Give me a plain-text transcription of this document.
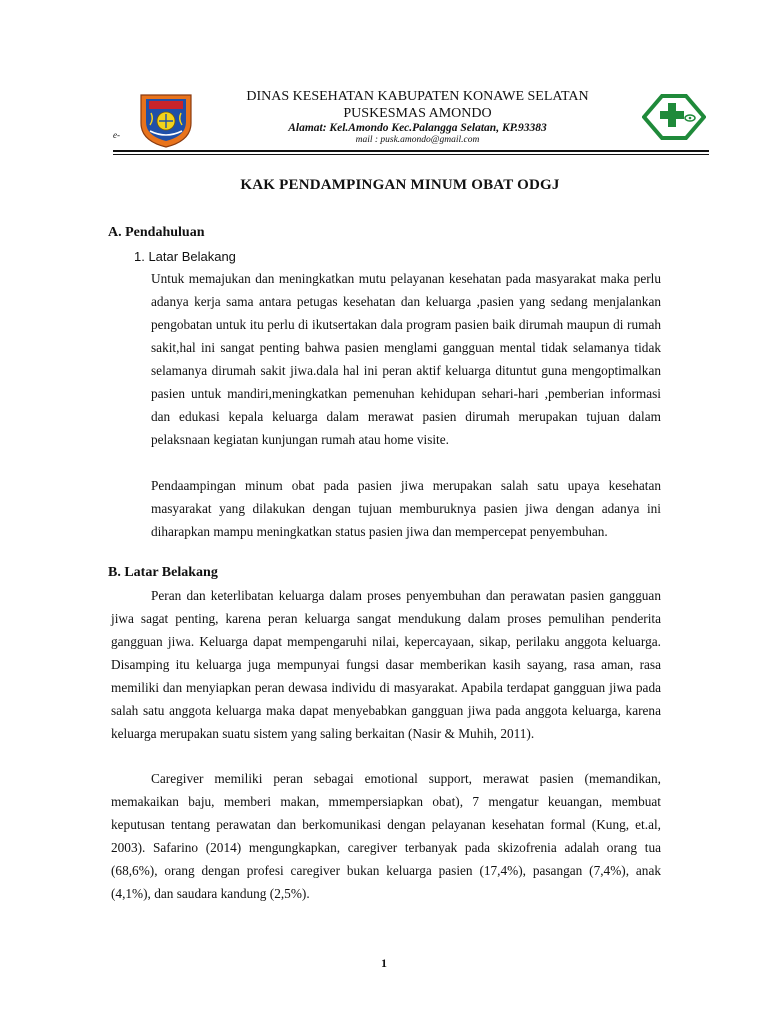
e-
DINAS KESEHATAN KABUPATEN KONAWE SELATAN
PUSKESMAS AMONDO
Alamat: Kel.Amondo Kec.Palangga Selatan, KP.93383
mail : pusk.amondo@gmail.com
KAK PENDAMPINGAN MINUM OBAT ODGJ
A. Pendahuluan
1. Latar Belakang

Untuk memajukan dan meningkatkan mutu pelayanan kesehatan pada masyarakat maka perlu adanya kerja sama antara petugas kesehatan dan keluarga ,pasien yang sedang menjalankan pengobatan untuk itu perlu di ikutsertakan dala program pasien baik dirumah maupun di rumah sakit,hal ini sangat penting bahwa pasien menglami gangguan mental tidak selamanya tidak selamanya dirumah sakit jiwa.dala hal ini peran aktif keluarga dituntut guna mengoptimalkan pasien untuk mandiri,meningkatkan pemenuhan kehidupan sehari-hari ,pemberian informasi dan edukasi kepala keluarga dalam merawat pasien dirumah merupakan tujuan dalam pelaksnaan kegiatan kunjungan rumah atau home visite.

Pendaampingan minum obat pada pasien jiwa merupakan salah satu upaya kesehatan masyarakat yang dilakukan dengan tujuan memburuknya pasien jiwa dengan adanya ini diharapkan mampu meningkatkan status pasien jiwa dan mempercepat penyembuhan.

B. Latar Belakang

Peran dan keterlibatan keluarga dalam proses penyembuhan dan perawatan pasien gangguan jiwa sagat penting, karena peran keluarga sangat mendukung dalam proses pemulihan penderita gangguan jiwa. Keluarga dapat mempengaruhi nilai, kepercayaan, sikap, perilaku anggota keluarga. Disamping itu keluarga juga mempunyai fungsi dasar memberikan kasih sayang, rasa aman, rasa memiliki dan menyiapkan peran dewasa individu di masyarakat. Apabila terdapat gangguan jiwa pada salah satu anggota keluarga maka dapat menyebabkan gangguan jiwa pada anggota keluarga, karena keluarga merupakan suatu sistem yang saling berkaitan (Nasir & Muhih, 2011).

Caregiver memiliki peran sebagai emotional support, merawat pasien (memandikan, memakaikan baju, memberi makan, mmempersiapkan obat), 7 mengatur keuangan, membuat keputusan tentang perawatan dan berkomunikasi dengan pelayanan kesehatan formal (Kung, et.al, 2003). Safarino (2014) mengungkapkan, caregiver terbanyak pada skizofrenia adalah orang tua (68,6%), orang dengan profesi caregiver bukan keluarga pasien (17,4%), pasangan (7,4%), anak (4,1%), dan saudara kandung (2,5%).

1
